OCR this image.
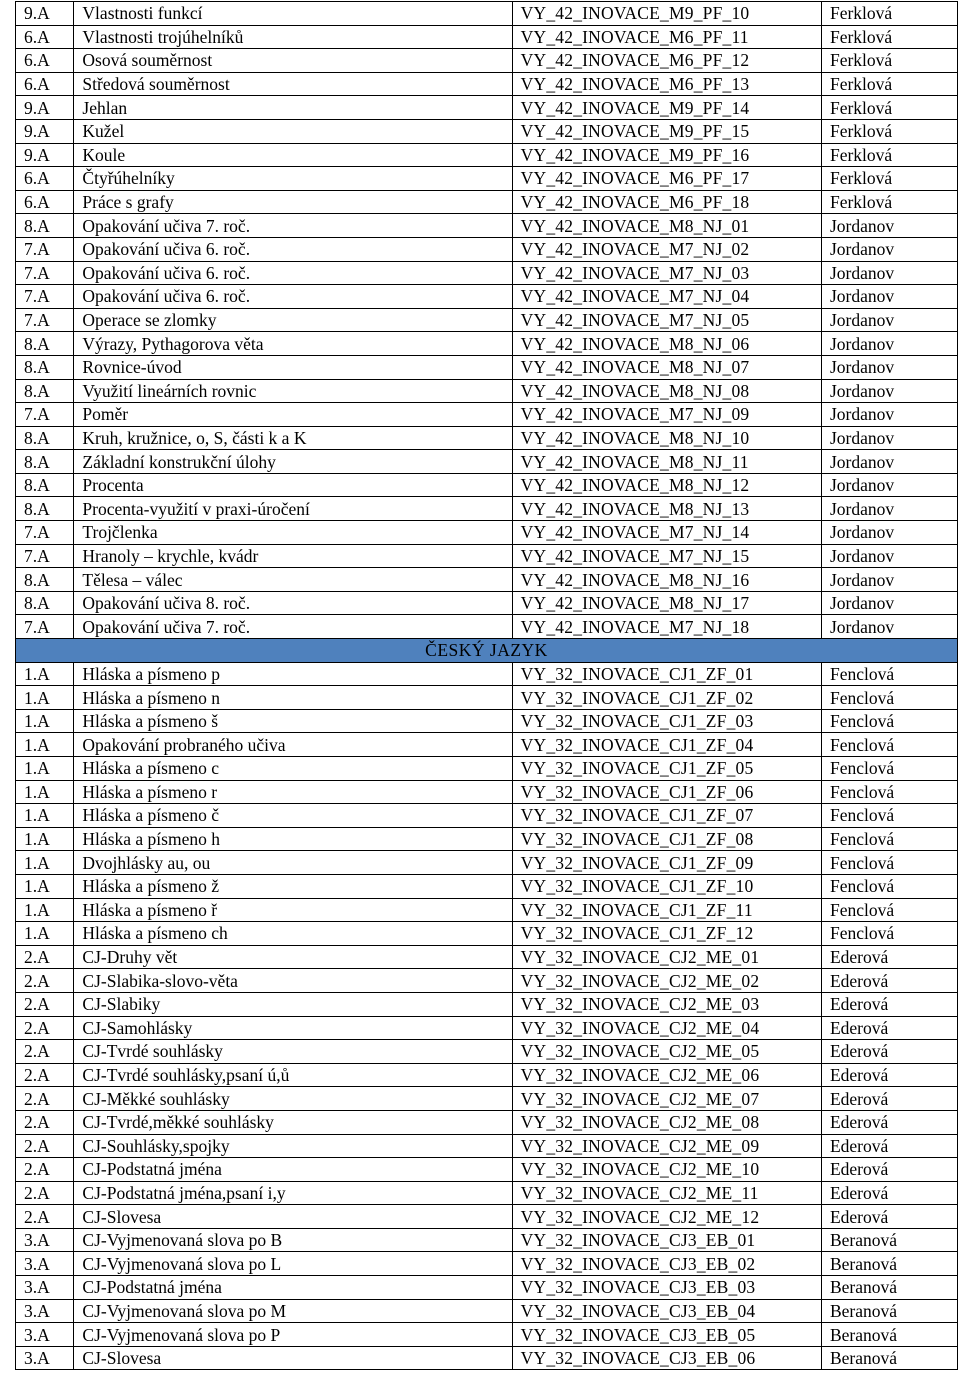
9.A	Vlastnosti funkcí	VY_42_INOVACE_M9_PF_10	Ferklová
6.A	Vlastnosti trojúhelníků	VY_42_INOVACE_M6_PF_11	Ferklová
6.A	Osová souměrnost	VY_42_INOVACE_M6_PF_12	Ferklová
6.A	Středová souměrnost	VY_42_INOVACE_M6_PF_13	Ferklová
9.A	Jehlan	VY_42_INOVACE_M9_PF_14	Ferklová
9.A	Kužel	VY_42_INOVACE_M9_PF_15	Ferklová
9.A	Koule	VY_42_INOVACE_M9_PF_16	Ferklová
6.A	Čtyřúhelníky	VY_42_INOVACE_M6_PF_17	Ferklová
6.A	Práce s grafy	VY_42_INOVACE_M6_PF_18	Ferklová
8.A	Opakování učiva 7. roč.	VY_42_INOVACE_M8_NJ_01	Jordanov
7.A	Opakování učiva 6. roč.	VY_42_INOVACE_M7_NJ_02	Jordanov
7.A	Opakování učiva 6. roč.	VY_42_INOVACE_M7_NJ_03	Jordanov
7.A	Opakování učiva 6. roč.	VY_42_INOVACE_M7_NJ_04	Jordanov
7.A	Operace se zlomky	VY_42_INOVACE_M7_NJ_05	Jordanov
8.A	Výrazy, Pythagorova věta	VY_42_INOVACE_M8_NJ_06	Jordanov
8.A	Rovnice-úvod	VY_42_INOVACE_M8_NJ_07	Jordanov
8.A	Využití lineárních rovnic	VY_42_INOVACE_M8_NJ_08	Jordanov
7.A	Poměr	VY_42_INOVACE_M7_NJ_09	Jordanov
8.A	Kruh, kružnice, o, S, části k a K	VY_42_INOVACE_M8_NJ_10	Jordanov
8.A	Základní konstrukční úlohy	VY_42_INOVACE_M8_NJ_11	Jordanov
8.A	Procenta	VY_42_INOVACE_M8_NJ_12	Jordanov
8.A	Procenta-využití v praxi-úročení	VY_42_INOVACE_M8_NJ_13	Jordanov
7.A	Trojčlenka	VY_42_INOVACE_M7_NJ_14	Jordanov
7.A	Hranoly – krychle, kvádr	VY_42_INOVACE_M7_NJ_15	Jordanov
8.A	Tělesa – válec	VY_42_INOVACE_M8_NJ_16	Jordanov
8.A	Opakování učiva 8. roč.	VY_42_INOVACE_M8_NJ_17	Jordanov
7.A	Opakování učiva 7. roč.	VY_42_INOVACE_M7_NJ_18	Jordanov
ČESKÝ JAZYK			
1.A	Hláska a písmeno p	VY_32_INOVACE_CJ1_ZF_01	Fenclová
1.A	Hláska a písmeno n	VY_32_INOVACE_CJ1_ZF_02	Fenclová
1.A	Hláska a písmeno š	VY_32_INOVACE_CJ1_ZF_03	Fenclová
1.A	Opakování probraného učiva	VY_32_INOVACE_CJ1_ZF_04	Fenclová
1.A	Hláska a písmeno c	VY_32_INOVACE_CJ1_ZF_05	Fenclová
1.A	Hláska a písmeno r	VY_32_INOVACE_CJ1_ZF_06	Fenclová
1.A	Hláska a písmeno č	VY_32_INOVACE_CJ1_ZF_07	Fenclová
1.A	Hláska a písmeno h	VY_32_INOVACE_CJ1_ZF_08	Fenclová
1.A	Dvojhlásky au, ou	VY_32_INOVACE_CJ1_ZF_09	Fenclová
1.A	Hláska a písmeno ž	VY_32_INOVACE_CJ1_ZF_10	Fenclová
1.A	Hláska a písmeno ř	VY_32_INOVACE_CJ1_ZF_11	Fenclová
1.A	Hláska a písmeno ch	VY_32_INOVACE_CJ1_ZF_12	Fenclová
2.A	CJ-Druhy vět	VY_32_INOVACE_CJ2_ME_01	Ederová
2.A	CJ-Slabika-slovo-věta	VY_32_INOVACE_CJ2_ME_02	Ederová
2.A	CJ-Slabiky	VY_32_INOVACE_CJ2_ME_03	Ederová
2.A	CJ-Samohlásky	VY_32_INOVACE_CJ2_ME_04	Ederová
2.A	CJ-Tvrdé souhlásky	VY_32_INOVACE_CJ2_ME_05	Ederová
2.A	CJ-Tvrdé souhlásky,psaní ú,ů	VY_32_INOVACE_CJ2_ME_06	Ederová
2.A	CJ-Měkké souhlásky	VY_32_INOVACE_CJ2_ME_07	Ederová
2.A	CJ-Tvrdé,měkké souhlásky	VY_32_INOVACE_CJ2_ME_08	Ederová
2.A	CJ-Souhlásky,spojky	VY_32_INOVACE_CJ2_ME_09	Ederová
2.A	CJ-Podstatná jména	VY_32_INOVACE_CJ2_ME_10	Ederová
2.A	CJ-Podstatná jména,psaní i,y	VY_32_INOVACE_CJ2_ME_11	Ederová
2.A	CJ-Slovesa	VY_32_INOVACE_CJ2_ME_12	Ederová
3.A	CJ-Vyjmenovaná slova po B	VY_32_INOVACE_CJ3_EB_01	Beranová
3.A	CJ-Vyjmenovaná slova po L	VY_32_INOVACE_CJ3_EB_02	Beranová
3.A	CJ-Podstatná jména	VY_32_INOVACE_CJ3_EB_03	Beranová
3.A	CJ-Vyjmenovaná slova po M	VY_32_INOVACE_CJ3_EB_04	Beranová
3.A	CJ-Vyjmenovaná slova po P	VY_32_INOVACE_CJ3_EB_05	Beranová
3.A	CJ-Slovesa	VY_32_INOVACE_CJ3_EB_06	Beranová
